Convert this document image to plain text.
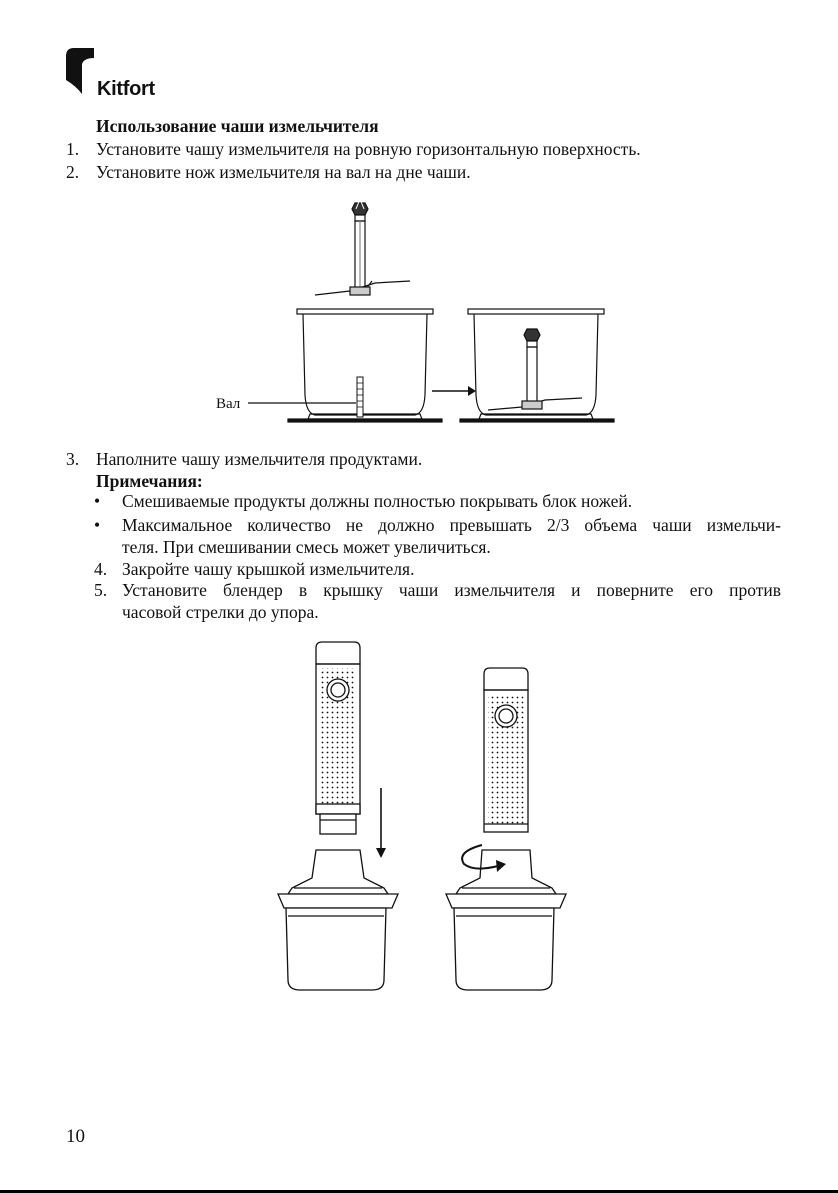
Kitfort
Использование чаши измельчителя
1. Установите чашу измельчителя на ровную горизонтальную поверхность.
2. Установите нож измельчителя на вал на дне чаши.
Вал
3. Наполните чашу измельчителя продуктами.
Примечания:
• Смешиваемые продукты должны полностью покрывать блок ножей.
• Максимальное количество не должно превышать 2/3 объема чаши измельчи-
теля. При смешивании смесь может увеличиться.
4. Закройте чашу крышкой измельчителя.
5. Установите блендер в крышку чаши измельчителя и поверните его против
часовой стрелки до упора.
10
